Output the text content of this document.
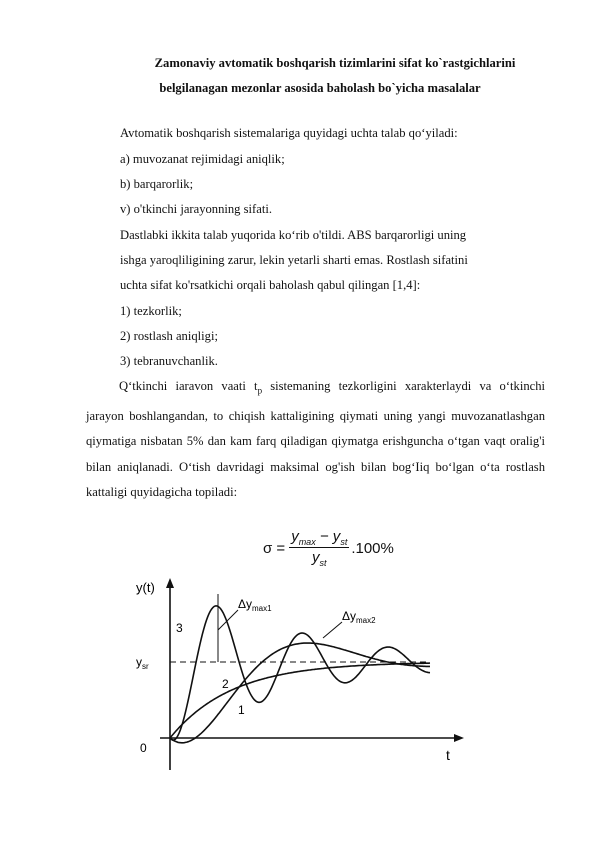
Zamonaviy avtomatik boshqarish tizimlarini sifat ko`rastgichlarini
belgilanagan mezonlar asosida baholash bo`yicha masalalar
Avtomatik boshqarish sistemalariga quyidagi uchta talab qo‘yiladi:
a) muvozanat rejimidagi aniqlik;
b) barqarorlik;
v) o'tkinchi jarayonning sifati.
Dastlabki ikkita talab yuqorida ko‘rib o'tildi. ABS barqarorligi uning
ishga yaroqliligining zarur, lekin yetarli sharti emas. Rostlash sifatini
uchta sifat ko'rsatkichi orqali baholash qabul qilingan [1,4]:
1) tezkorlik;
2) rostlash aniqligi;
3) tebranuvchanlik.

Q‘tkinchi iaravon vaati $t_p$ sistemaning tezkorligini xarakterlaydi va o‘tkinchi jarayon boshlangandan, to chiqish kattaligining qiymati uning yangi muvozanatlashgan qiymatiga nisbatan 5% dan kam farq qiladigan qiymatga erishguncha o‘tgan vaqt oralig'i bilan aniqlanadi. O‘tish davridagi maksimal og'ish bilan bog‘Iiq bo‘lgan o‘ta rostlash kattaligi quyidagicha topiladi:

σ =	$y_{max} - y_{st}$	.100%
$y_{st}$
y(t)
t
0
$y_{sr}$
$\Delta y_{max1}$
$\Delta y_{max2}$
3
2
1
